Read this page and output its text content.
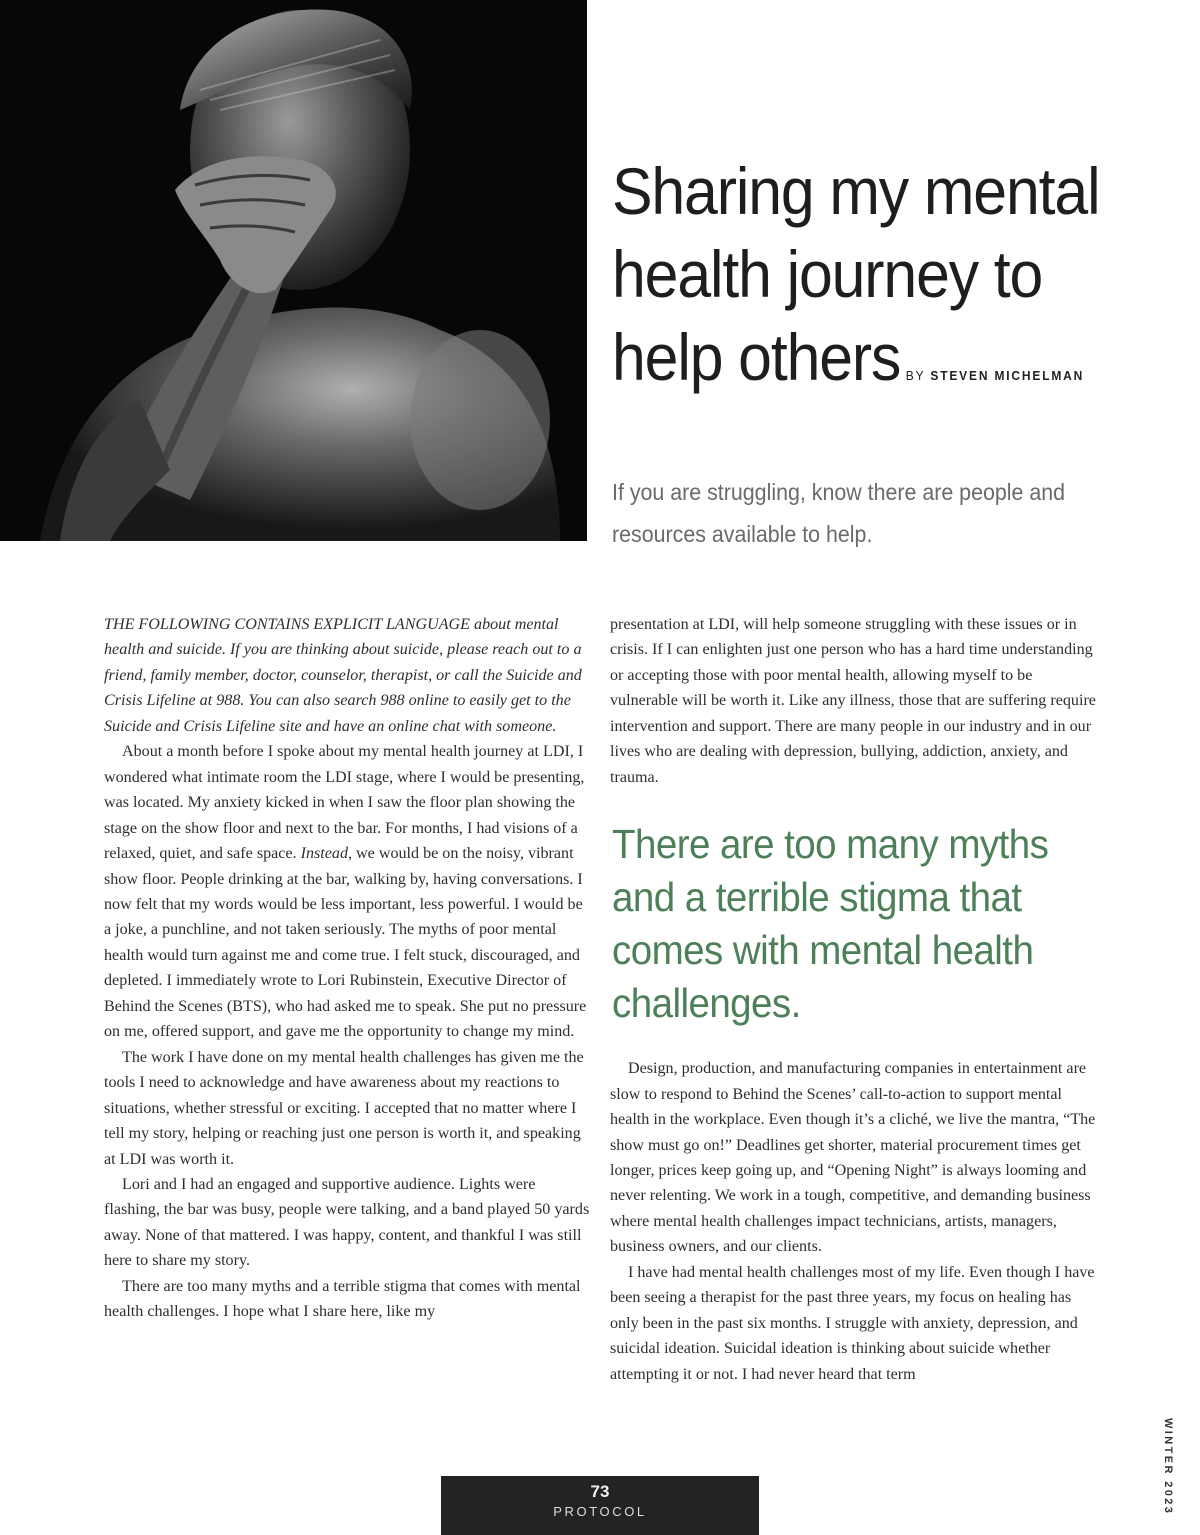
Sharing my mental health journey to help others BY STEVEN MICHELMAN

If you are struggling, know there are people and resources available to help.

THE FOLLOWING CONTAINS EXPLICIT LANGUAGE about mental health and suicide. If you are thinking about suicide, please reach out to a friend, family member, doctor, counselor, therapist, or call the Suicide and Crisis Lifeline at 988. You can also search 988 online to easily get to the Suicide and Crisis Lifeline site and have an online chat with someone.

About a month before I spoke about my mental health journey at LDI, I wondered what intimate room the LDI stage, where I would be presenting, was located. My anxiety kicked in when I saw the floor plan showing the stage on the show floor and next to the bar. For months, I had visions of a relaxed, quiet, and safe space. Instead, we would be on the noisy, vibrant show floor. People drinking at the bar, walking by, having conversations. I now felt that my words would be less important, less powerful. I would be a joke, a punchline, and not taken seriously. The myths of poor mental health would turn against me and come true. I felt stuck, discouraged, and depleted. I immediately wrote to Lori Rubinstein, Executive Director of Behind the Scenes (BTS), who had asked me to speak. She put no pressure on me, offered support, and gave me the opportunity to change my mind.

The work I have done on my mental health challenges has given me the tools I need to acknowledge and have awareness about my reactions to situations, whether stressful or exciting. I accepted that no matter where I tell my story, helping or reaching just one person is worth it, and speaking at LDI was worth it.

Lori and I had an engaged and supportive audience. Lights were flashing, the bar was busy, people were talking, and a band played 50 yards away. None of that mattered. I was happy, content, and thankful I was still here to share my story.

There are too many myths and a terrible stigma that comes with mental health challenges. I hope what I share here, like my

presentation at LDI, will help someone struggling with these issues or in crisis. If I can enlighten just one person who has a hard time understanding or accepting those with poor mental health, allowing myself to be vulnerable will be worth it. Like any illness, those that are suffering require intervention and support. There are many people in our industry and in our lives who are dealing with depression, bullying, addiction, anxiety, and trauma.

There are too many myths and a terrible stigma that comes with mental health challenges.

Design, production, and manufacturing companies in entertainment are slow to respond to Behind the Scenes’ call-to-action to support mental health in the workplace. Even though it’s a cliché, we live the mantra, “The show must go on!” Deadlines get shorter, material procurement times get longer, prices keep going up, and “Opening Night” is always looming and never relenting. We work in a tough, competitive, and demanding business where mental health challenges impact technicians, artists, managers, business owners, and our clients.

I have had mental health challenges most of my life. Even though I have been seeing a therapist for the past three years, my focus on healing has only been in the past six months. I struggle with anxiety, depression, and suicidal ideation. Suicidal ideation is thinking about suicide whether attempting it or not. I had never heard that term

WINTER 2023
73
PROTOCOL
